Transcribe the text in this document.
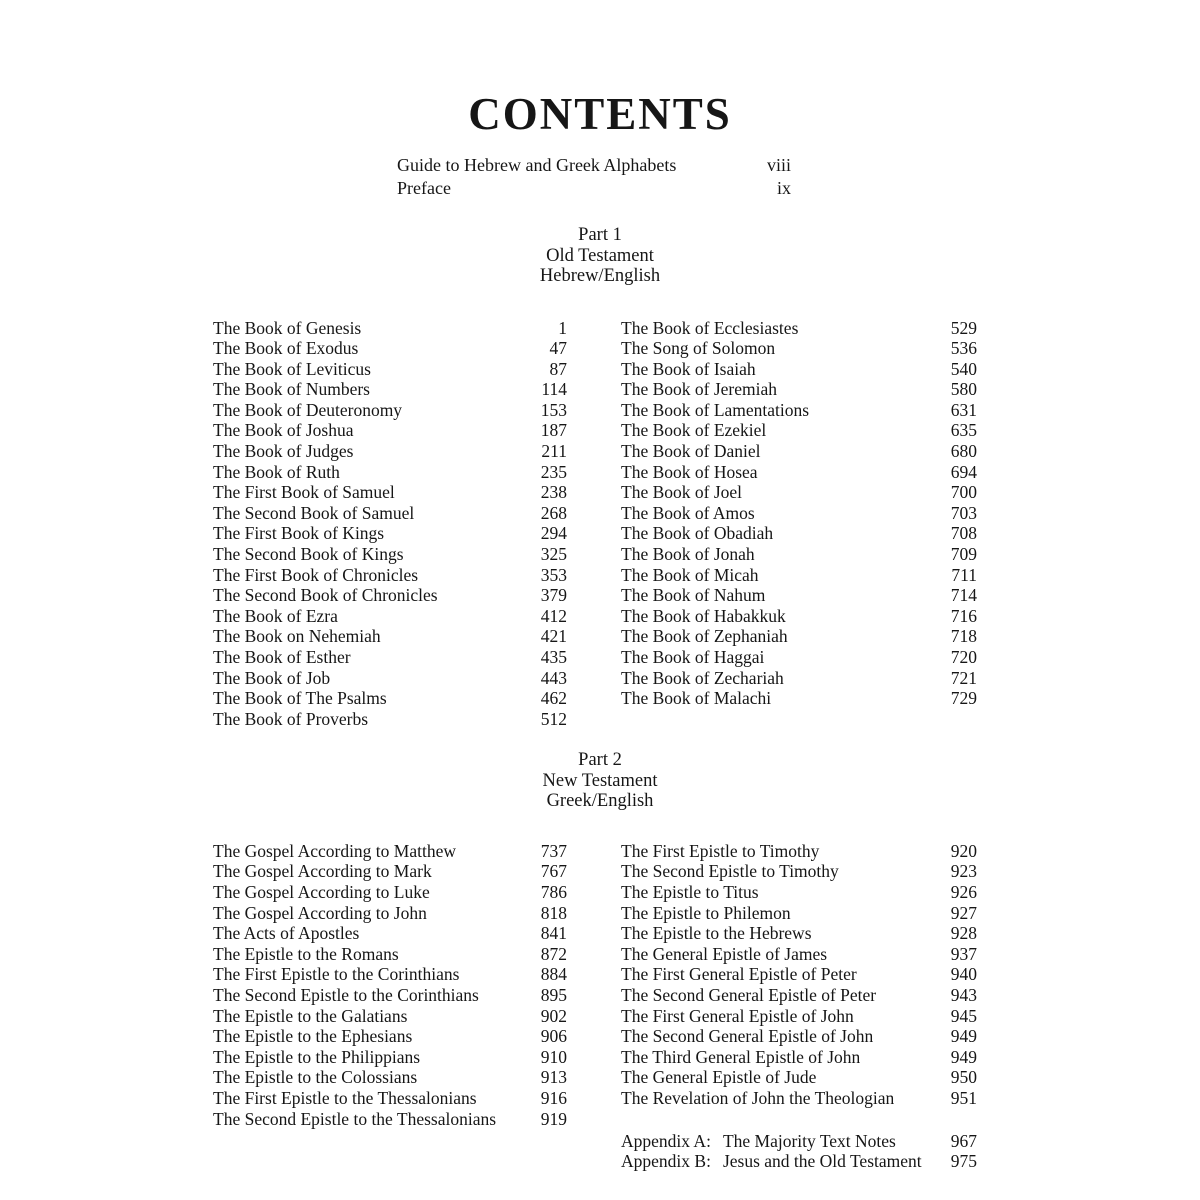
CONTENTS
Guide to Hebrew and Greek Alphabets	viii
Preface	ix
Part 1
Old Testament
Hebrew/English
The Book of Genesis	1
The Book of Exodus	47
The Book of Leviticus	87
The Book of Numbers	114
The Book of Deuteronomy	153
The Book of Joshua	187
The Book of Judges	211
The Book of Ruth	235
The First Book of Samuel	238
The Second Book of Samuel	268
The First Book of Kings	294
The Second Book of Kings	325
The First Book of Chronicles	353
The Second Book of Chronicles	379
The Book of Ezra	412
The Book on Nehemiah	421
The Book of Esther	435
The Book of Job	443
The Book of The Psalms	462
The Book of Proverbs	512
The Book of Ecclesiastes	529
The Song of Solomon	536
The Book of Isaiah	540
The Book of Jeremiah	580
The Book of Lamentations	631
The Book of Ezekiel	635
The Book of Daniel	680
The Book of Hosea	694
The Book of Joel	700
The Book of Amos	703
The Book of Obadiah	708
The Book of Jonah	709
The Book of Micah	711
The Book of Nahum	714
The Book of Habakkuk	716
The Book of Zephaniah	718
The Book of Haggai	720
The Book of Zechariah	721
The Book of Malachi	729
Part 2
New Testament
Greek/English
The Gospel According to Matthew	737
The Gospel According to Mark	767
The Gospel According to Luke	786
The Gospel According to John	818
The Acts of Apostles	841
The Epistle to the Romans	872
The First Epistle to the Corinthians	884
The Second Epistle to the Corinthians	895
The Epistle to the Galatians	902
The Epistle to the Ephesians	906
The Epistle to the Philippians	910
The Epistle to the Colossians	913
The First Epistle to the Thessalonians	916
The Second Epistle to the Thessalonians	919
The First Epistle to Timothy	920
The Second Epistle to Timothy	923
The Epistle to Titus	926
The Epistle to Philemon	927
The Epistle to the Hebrews	928
The General Epistle of James	937
The First General Epistle of Peter	940
The Second General Epistle of Peter	943
The First General Epistle of John	945
The Second General Epistle of John	949
The Third General Epistle of John	949
The General Epistle of Jude	950
The Revelation of John the Theologian	951
Appendix A: The Majority Text Notes	967
Appendix B: Jesus and the Old Testament	975
